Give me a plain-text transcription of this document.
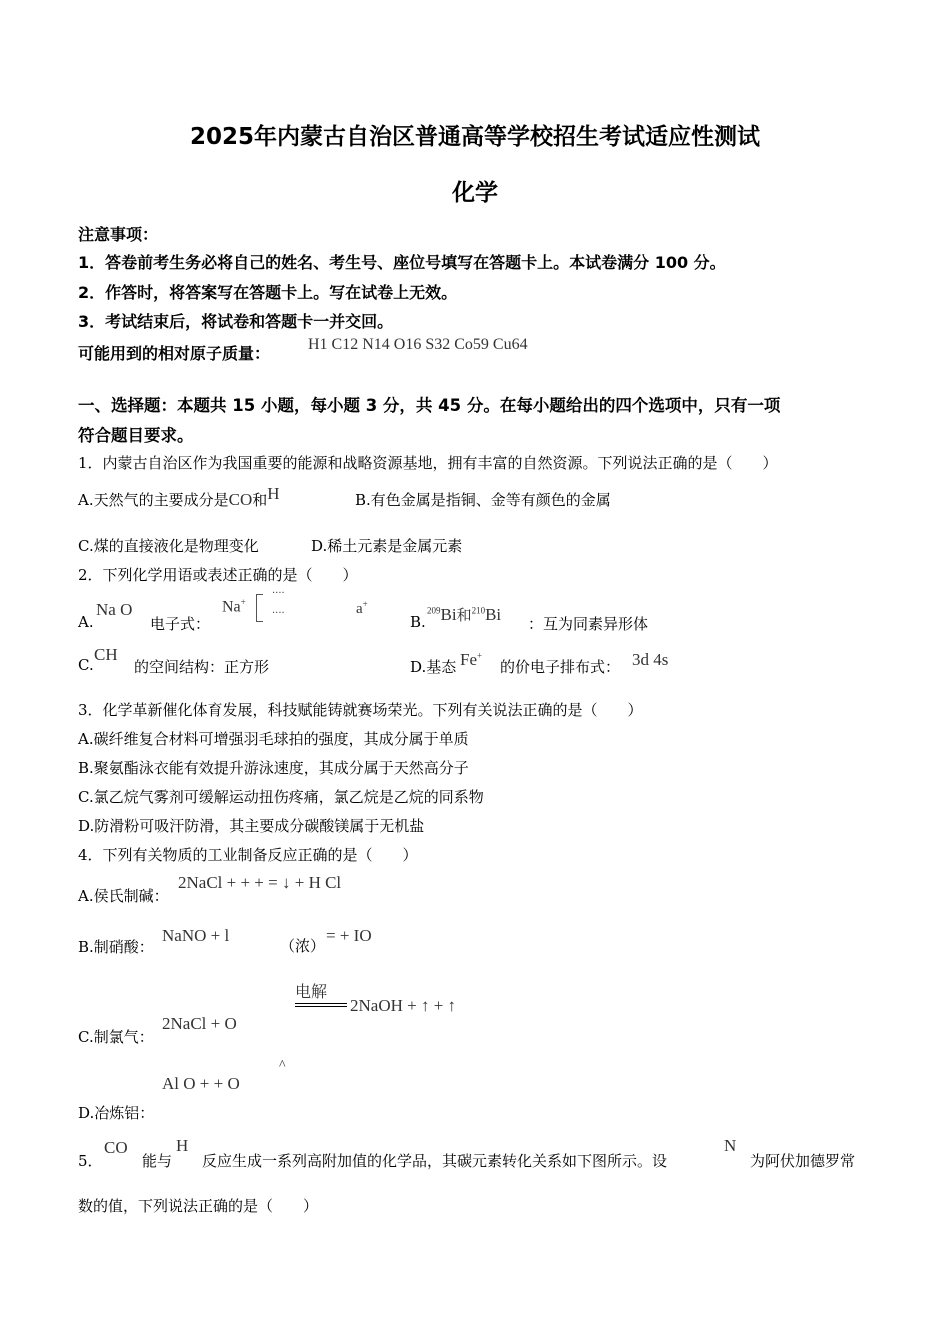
2025年内蒙古自治区普通高等学校招生考试适应性测试
化学
注意事项：
1．答卷前考生务必将自己的姓名、考生号、座位号填写在答题卡上。本试卷满分 100 分。
2．作答时，将答案写在答题卡上。写在试卷上无效。
3．考试结束后，将试卷和答题卡一并交回。
可能用到的相对原子质量： H1 C12 N14 O16 S32 Co59 Cu64
一、选择题：本题共 15 小题，每小题 3 分，共 45 分。在每小题给出的四个选项中，只有一项
符合题目要求。
1．内蒙古自治区作为我国重要的能源和战略资源基地，拥有丰富的自然资源。下列说法正确的是（　　）
A.天然气的主要成分是CO和H	B.有色金属是指铜、金等有颜色的金属
C.煤的直接液化是物理变化	D.稀土元素是金属元素
2．下列化学用语或表述正确的是（　　）
A.
Na O
电子式：
Na+
····
····	a+
B.
$^{209}$Bi和$^{210}$Bi ：互为同素异形体
C.
CH
的空间结构：正方形	D.基态 Fe+
的价电子排布式： 3d 4s
3．化学革新催化体育发展，科技赋能铸就赛场荣光。下列有关说法正确的是（　　）
A.碳纤维复合材料可增强羽毛球拍的强度，其成分属于单质
B.聚氨酯泳衣能有效提升游泳速度，其成分属于天然高分子
C.氯乙烷气雾剂可缓解运动扭伤疼痛，氯乙烷是乙烷的同系物
D.防滑粉可吸汗防滑，其主要成分碳酸镁属于无机盐
4．下列有关物质的工业制备反应正确的是（　　）
A.侯氏制碱：
2NaCl + + + = ↓ + H Cl
B.制硝酸：
NaNO + l
（浓）
= + IO
电解
2NaCl + O
2NaOH + ↑ + ↑
C.制氯气：
^
Al O + + O
D.冶炼铝：
5．
CO
能与
H
反应生成一系列高附加值的化学品，其碳元素转化关系如下图所示。设
N
为阿伏加德罗常
数的值，下列说法正确的是（　　）
